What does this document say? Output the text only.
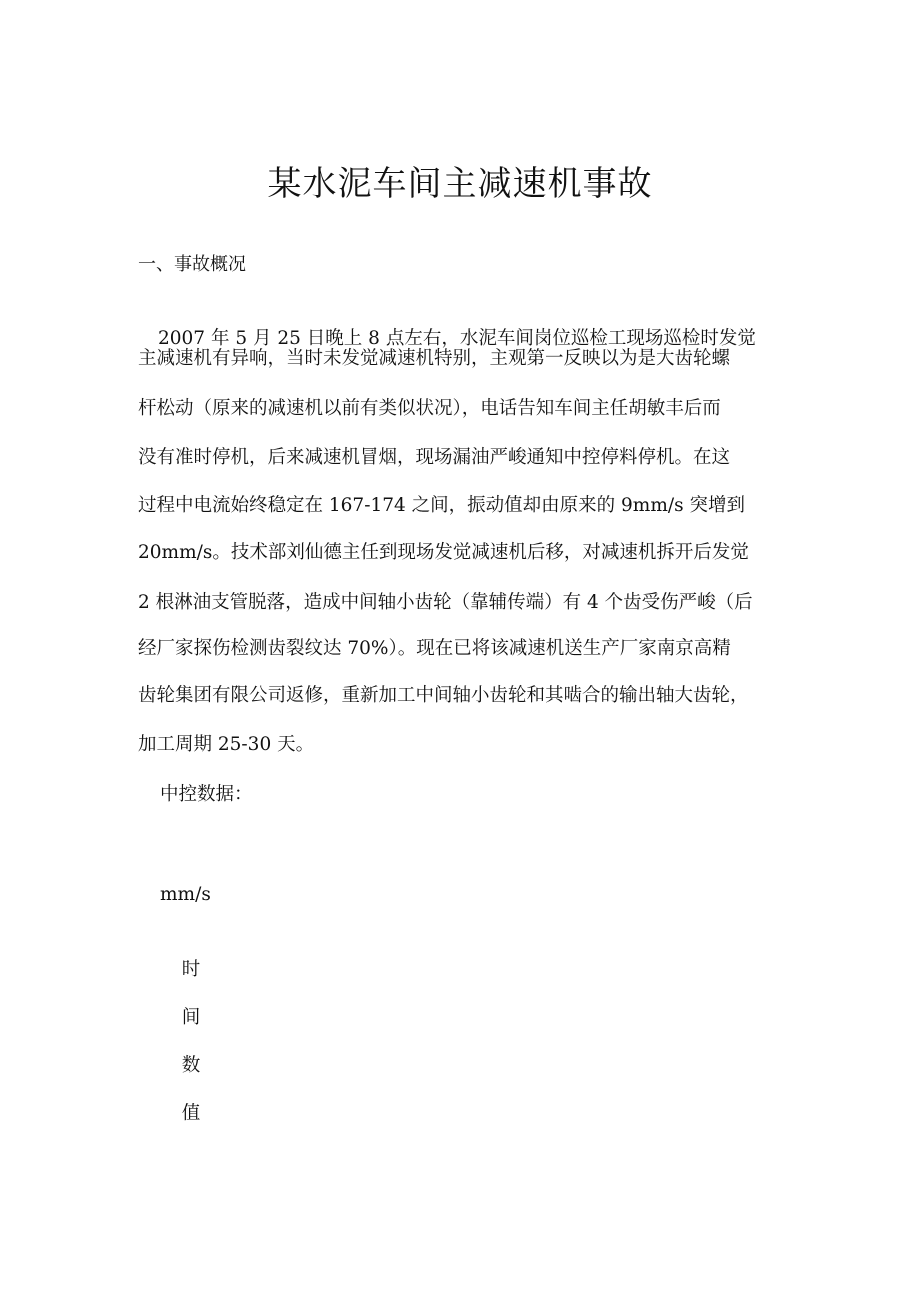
某水泥车间主减速机事故
一、事故概况
2007 年 5 月 25 日晚上 8 点左右，水泥车间岗位巡检工现场巡检时发觉
主减速机有异响，当时未发觉减速机特别，主观第一反映以为是大齿轮螺
杆松动（原来的减速机以前有类似状况），电话告知车间主任胡敏丰后而
没有准时停机，后来减速机冒烟，现场漏油严峻通知中控停料停机。在这
过程中电流始终稳定在 167-174 之间，振动值却由原来的 9mm/s 突增到
20mm/s。技术部刘仙德主任到现场发觉减速机后移，对减速机拆开后发觉
2 根淋油支管脱落，造成中间轴小齿轮（靠辅传端）有 4 个齿受伤严峻（后
经厂家探伤检测齿裂纹达 70%）。现在已将该减速机送生产厂家南京高精
齿轮集团有限公司返修，重新加工中间轴小齿轮和其啮合的输出轴大齿轮，
加工周期 25-30 天。
中控数据：
mm/s
时
间
数
值
